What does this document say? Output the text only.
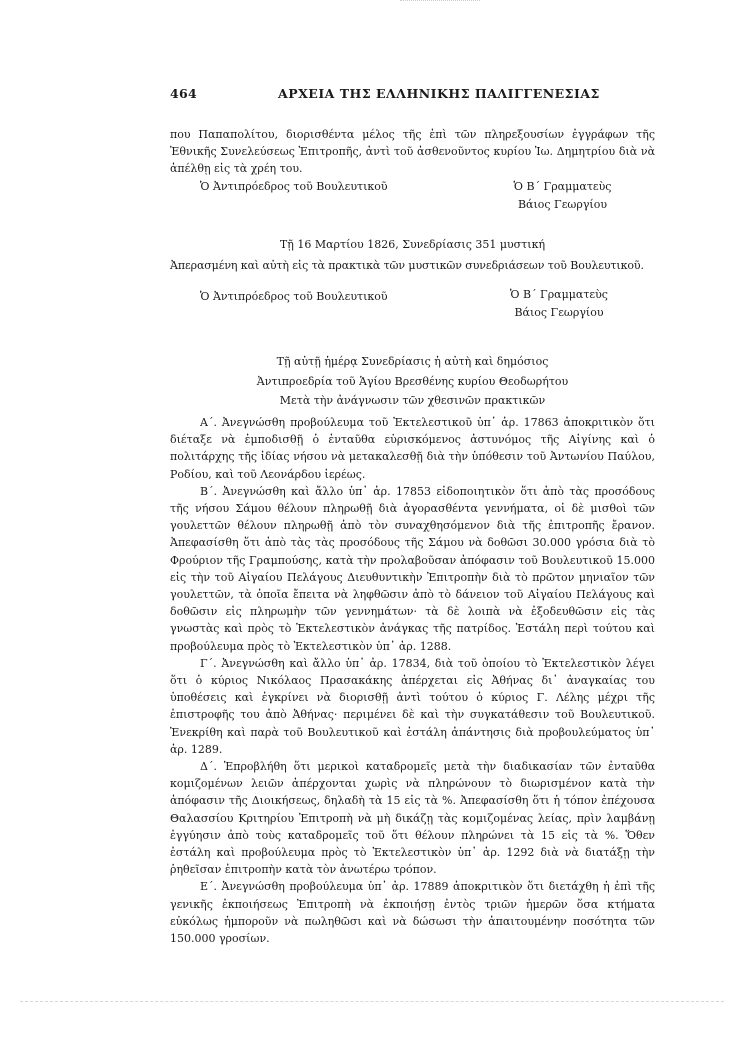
464	ΑΡΧΕΙΑ ΤΗΣ ΕΛΛΗΝΙΚΗΣ ΠΑΛΙΓΓΕΝΕΣΙΑΣ

που Παπαπολίτου, διορισθέντα μέλος τῆς ἐπὶ τῶν πληρεξουσίων ἐγγράφων τῆς Ἐθνικῆς Συνελεύσεως Ἐπιτροπῆς, ἀντὶ τοῦ ἀσθενοῦντος κυρίου Ἰω. Δημητρίου διὰ νὰ ἀπέλθῃ εἰς τὰ χρέη του.

Ὁ Ἀντιπρόεδρος τοῦ Βουλευτικοῦ	Ὁ Β΄ Γραμματεὺς
Βάιος Γεωργίου
Τῇ 16 Μαρτίου 1826, Συνεδρίασις 351 μυστική
Ἀπερασμένη καὶ αὐτὴ εἰς τὰ πρακτικὰ τῶν μυστικῶν συνεδριάσεων τοῦ Βουλευτικοῦ.
Ὁ Ἀντιπρόεδρος τοῦ Βουλευτικοῦ	Ὁ Β΄ Γραμματεὺς
Βάιος Γεωργίου
Τῇ αὐτῇ ἡμέρᾳ Συνεδρίασις ἡ αὐτὴ καὶ δημόσιος
Ἀντιπροεδρία τοῦ Ἁγίου Βρεσθένης κυρίου Θεοδωρήτου
Μετὰ τὴν ἀνάγνωσιν τῶν χθεσινῶν πρακτικῶν

Α΄. Ἀνεγνώσθη προβούλευμα τοῦ Ἐκτελεστικοῦ ὑπ᾿ ἀρ. 17863 ἀποκριτικὸν ὅτι διέταξε νὰ ἐμποδισθῇ ὁ ἐνταῦθα εὑρισκόμενος ἀστυνόμος τῆς Αἰγίνης καὶ ὁ πολιτάρχης τῆς ἰδίας νήσου νὰ μετακαλεσθῇ διὰ τὴν ὑπόθεσιν τοῦ Ἀντωνίου Παύλου, Ροδίου, καὶ τοῦ Λεονάρδου ἱερέως.

Β΄. Ἀνεγνώσθη καὶ ἄλλο ὑπ᾿ ἀρ. 17853 εἰδοποιητικὸν ὅτι ἀπὸ τὰς προσόδους τῆς νήσου Σάμου θέλουν πληρωθῇ διὰ ἀγορασθέντα γεννήματα, οἱ δὲ μισθοὶ τῶν γουλεττῶν θέλουν πληρωθῇ ἀπὸ τὸν συναχθησόμενον διὰ τῆς ἐπιτροπῆς ἔρανον. Ἀπεφασίσθη ὅτι ἀπὸ τὰς τὰς προσόδους τῆς Σάμου νὰ δοθῶσι 30.000 γρόσια διὰ τὸ Φρούριον τῆς Γραμπούσης, κατὰ τὴν προλαβοῦσαν ἀπόφασιν τοῦ Βουλευτικοῦ 15.000 εἰς τὴν τοῦ Αἰγαίου Πελάγους Διευθυντικὴν Ἐπιτροπὴν διὰ τὸ πρῶτον μηνιαῖον τῶν γουλεττῶν, τὰ ὁποῖα ἔπειτα νὰ ληφθῶσιν ἀπὸ τὸ δάνειον τοῦ Αἰγαίου Πελάγους καὶ δοθῶσιν εἰς πληρωμὴν τῶν γεννημάτων· τὰ δὲ λοιπὰ νὰ ἐξοδευθῶσιν εἰς τὰς γνωστὰς καὶ πρὸς τὸ Ἐκτελεστικὸν ἀνάγκας τῆς πατρίδος. Ἐστάλη περὶ τούτου καὶ προβούλευμα πρὸς τὸ Ἐκτελεστικὸν ὑπ᾿ ἀρ. 1288.

Γ΄. Ἀνεγνώσθη καὶ ἄλλο ὑπ᾿ ἀρ. 17834, διὰ τοῦ ὁποίου τὸ Ἐκτελεστικὸν λέγει ὅτι ὁ κύριος Νικόλαος Πρασακάκης ἀπέρχεται εἰς Ἀθήνας δι᾿ ἀναγκαίας του ὑποθέσεις καὶ ἐγκρίνει νὰ διορισθῇ ἀντὶ τούτου ὁ κύριος Γ. Λέλης μέχρι τῆς ἐπιστροφῆς του ἀπὸ Ἀθήνας· περιμένει δὲ καὶ τὴν συγκατάθεσιν τοῦ Βουλευτικοῦ. Ἐνεκρίθη καὶ παρὰ τοῦ Βουλευτικοῦ καὶ ἐστάλη ἀπάντησις διὰ προβουλεύματος ὑπ᾿ ἀρ. 1289.

Δ΄. Ἐπροβλήθη ὅτι μερικοὶ καταδρομεῖς μετὰ τὴν διαδικασίαν τῶν ἐνταῦθα κομιζομένων λειῶν ἀπέρχονται χωρὶς νὰ πληρώνουν τὸ διωρισμένον κατὰ τὴν ἀπόφασιν τῆς Διοικήσεως, δηλαδὴ τὰ 15 εἰς τὰ %. Ἀπεφασίσθη ὅτι ἡ τόπον ἐπέχουσα Θαλασσίου Κριτηρίου Ἐπιτροπὴ νὰ μὴ δικάζῃ τὰς κομιζομένας λείας, πρὶν λαμβάνῃ ἐγγύησιν ἀπὸ τοὺς καταδρομεῖς τοῦ ὅτι θέλουν πληρώνει τὰ 15 εἰς τὰ %. Ὅθεν ἐστάλη καὶ προβούλευμα πρὸς τὸ Ἐκτελεστικὸν ὑπ᾿ ἀρ. 1292 διὰ νὰ διατάξῃ τὴν ῥηθεῖσαν ἐπιτροπὴν κατὰ τὸν ἀνωτέρω τρόπον.

Ε΄. Ἀνεγνώσθη προβούλευμα ὑπ᾿ ἀρ. 17889 ἀποκριτικὸν ὅτι διετάχθη ἡ ἐπὶ τῆς γενικῆς ἐκποιήσεως Ἐπιτροπὴ νὰ ἐκποιήσῃ ἐντὸς τριῶν ἡμερῶν ὅσα κτήματα εὐκόλως ἠμποροῦν νὰ πωληθῶσι καὶ νὰ δώσωσι τὴν ἀπαιτουμένην ποσότητα τῶν 150.000 γροσίων.
